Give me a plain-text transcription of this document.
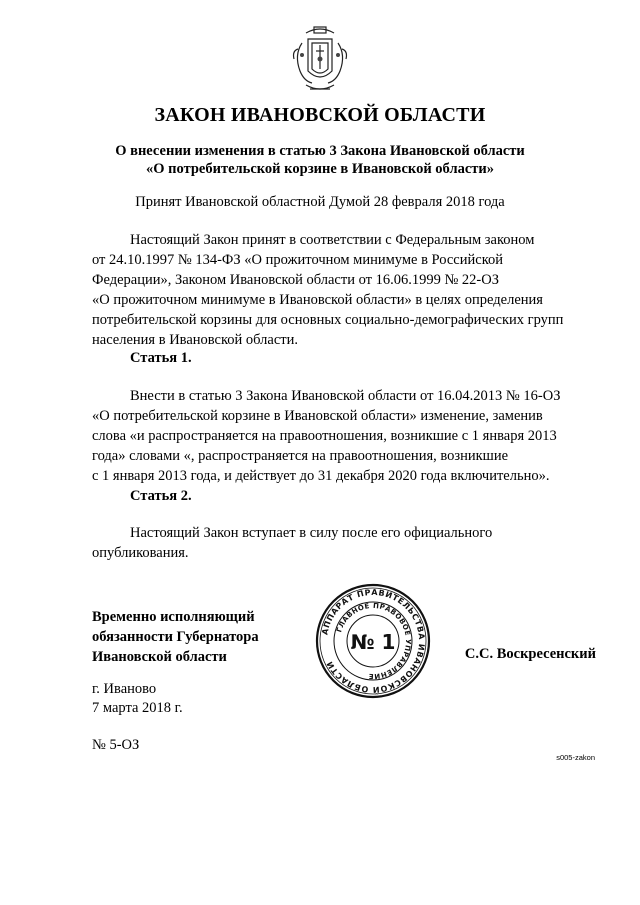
ЗАКОН ИВАНОВСКОЙ ОБЛАСТИ
О внесении изменения в статью 3 Закона Ивановской области
«О потребительской корзине в Ивановской области»
Принят Ивановской областной Думой 28 февраля 2018 года
Настоящий Закон принят в соответствии с Федеральным законом
от 24.10.1997 № 134-ФЗ «О прожиточном минимуме в Российской
Федерации», Законом Ивановской области от 16.06.1999 № 22-ОЗ
«О прожиточном минимуме в Ивановской области» в целях определения
потребительской корзины для основных социально-демографических групп
населения в Ивановской области.
Статья 1.
Внести в статью 3 Закона Ивановской области от 16.04.2013 № 16-ОЗ
«О потребительской корзине в Ивановской области» изменение, заменив
слова «и распространяется на правоотношения, возникшие с 1 января 2013
года» словами «, распространяется на правоотношения, возникшие
с 1 января 2013 года, и действует до 31 декабря 2020 года включительно».
Статья 2.
Настоящий Закон вступает в силу после его официального
опубликования.
Временно исполняющий
обязанности Губернатора
Ивановской области
АППАРАТ ПРАВИТЕЛЬСТВА ИВАНОВСКОЙ ОБЛАСТИ
ГЛАВНОЕ ПРАВОВОЕ УПРАВЛЕНИЕ
№ 1	С.С. Воскресенский
г. Иваново
7 марта 2018 г.
№ 5-ОЗ
s005-zakon
